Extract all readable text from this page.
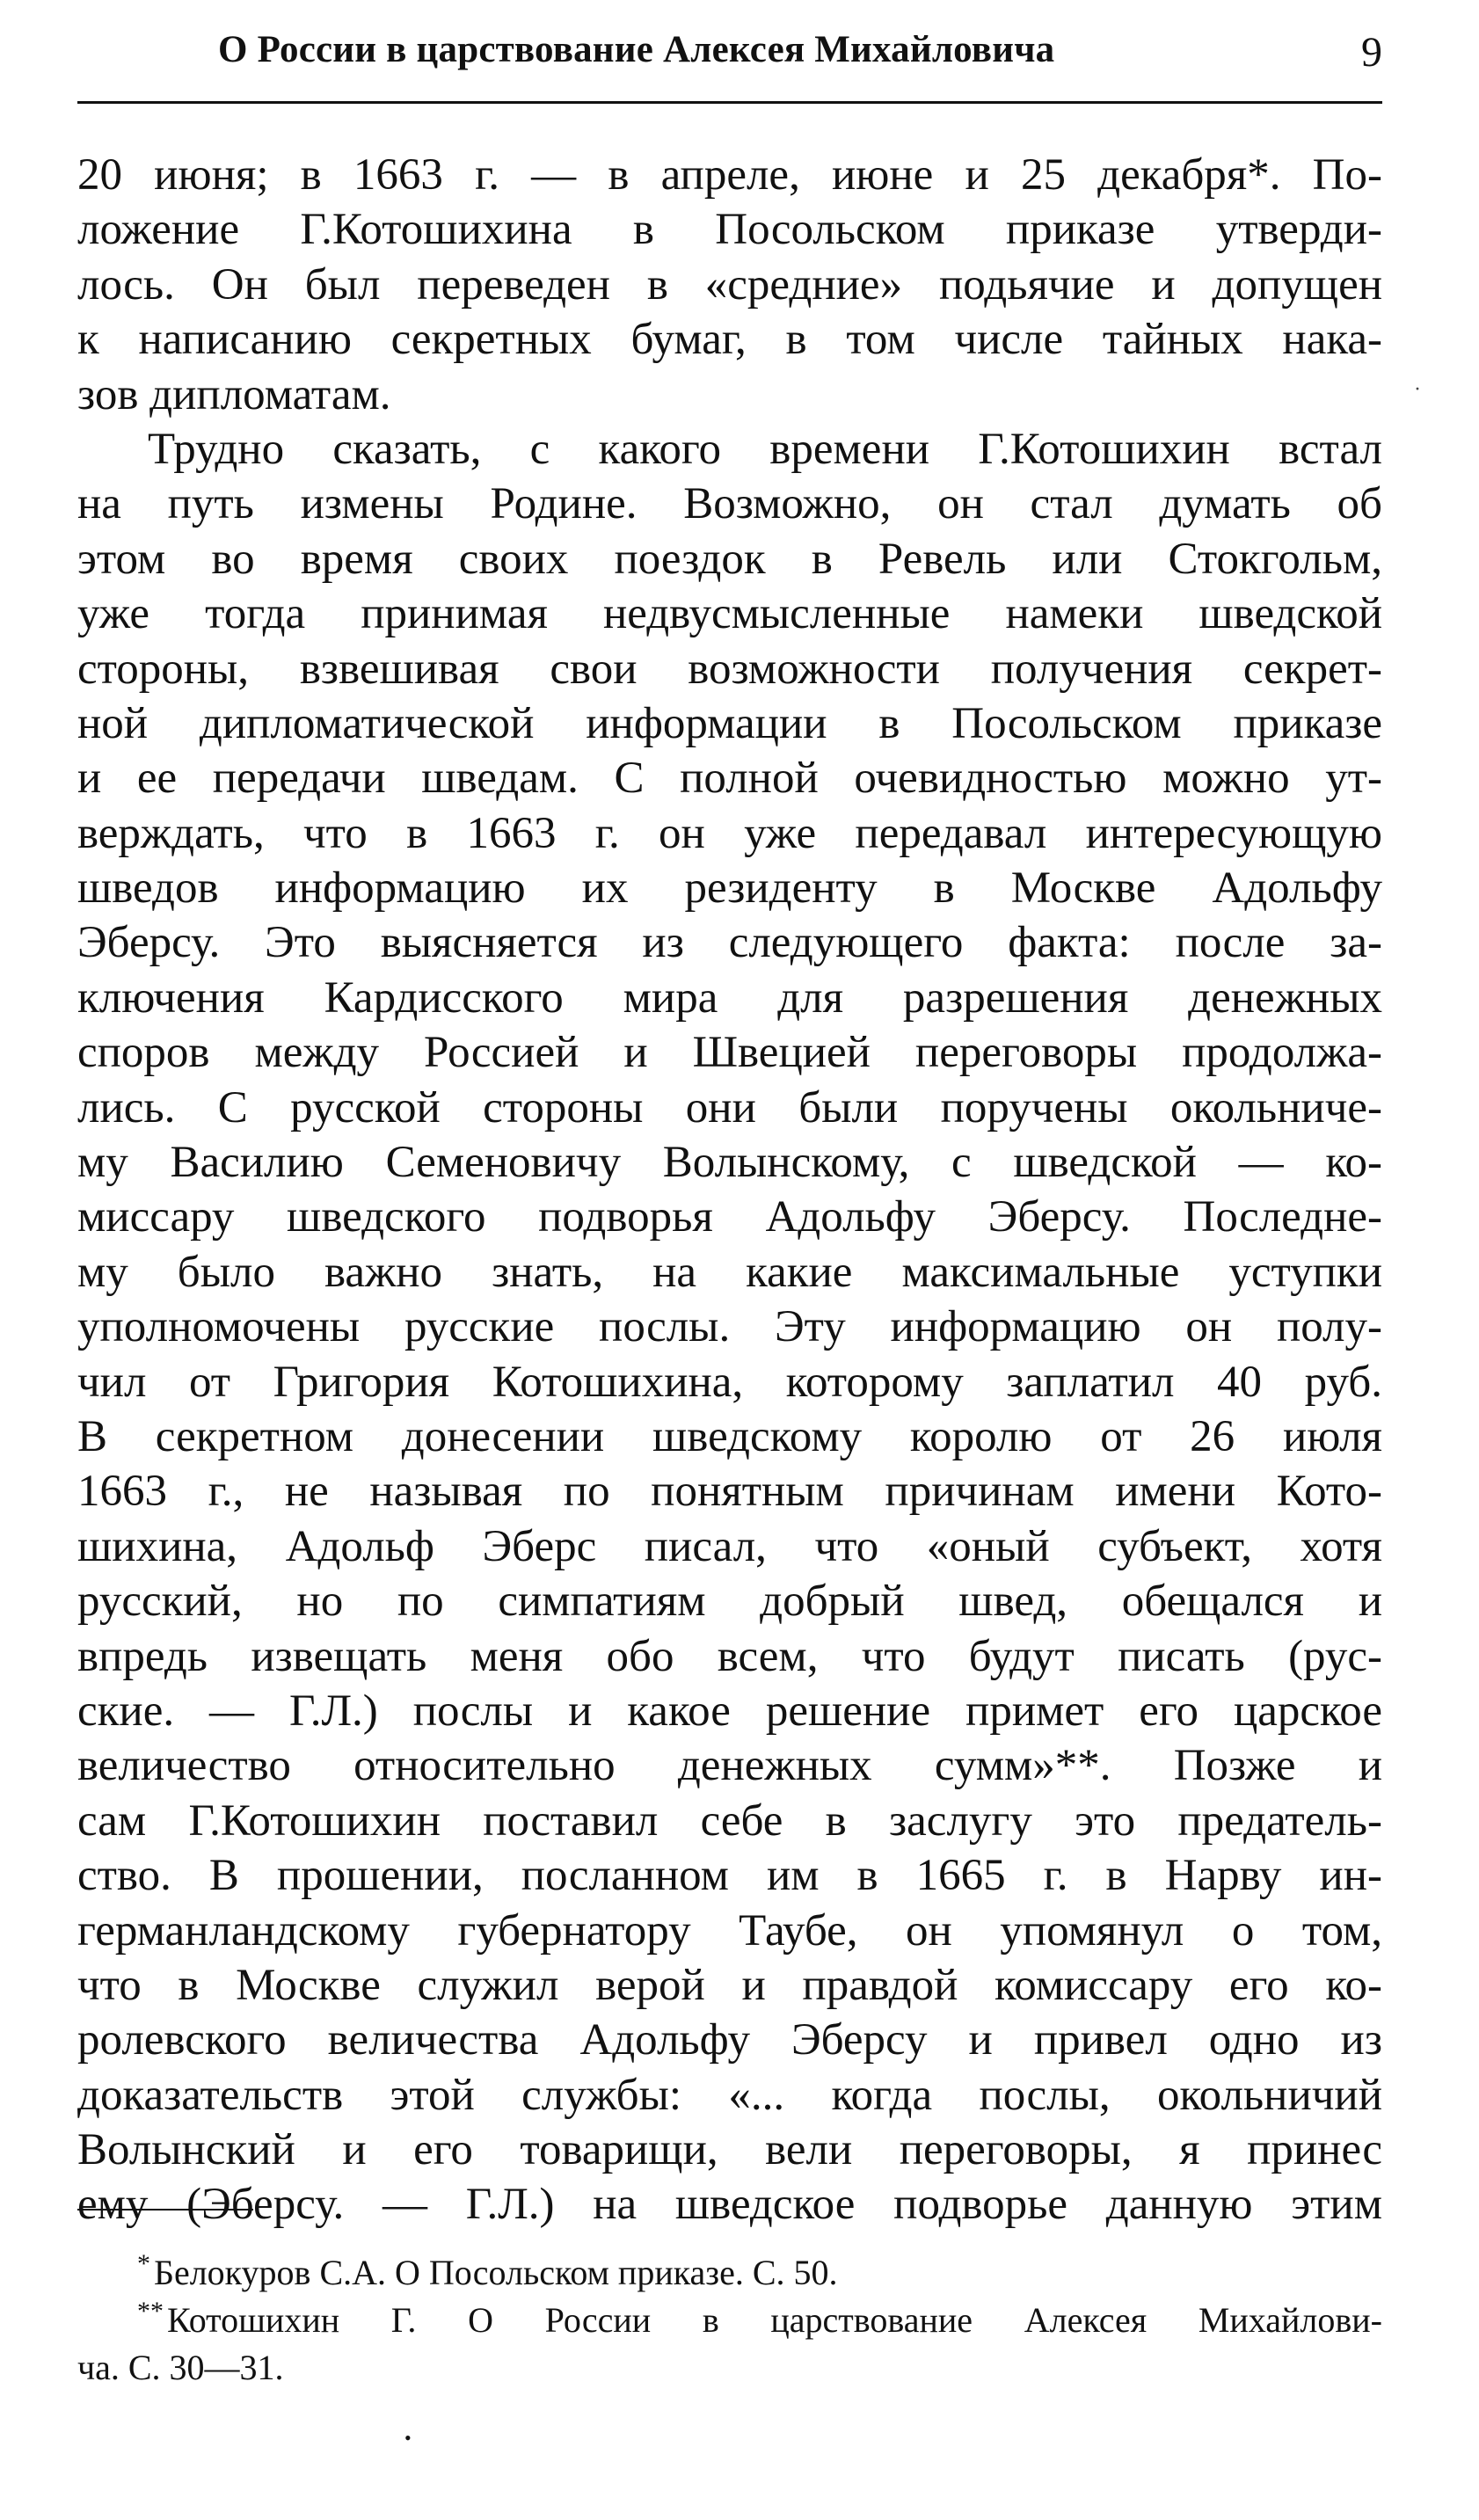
О России в царствование Алексея Михайловича	9
20 июня; в 1663 г. — в апреле, июне и 25 декабря*. По-
ложение Г.Котошихина в Посольском приказе утверди-
лось. Он был переведен в «средние» подьячие и допущен
к написанию секретных бумаг, в том числе тайных нака-
зов дипломатам.
Трудно сказать, с какого времени Г.Котошихин встал
на путь измены Родине. Возможно, он стал думать об
этом во время своих поездок в Ревель или Стокгольм,
уже тогда принимая недвусмысленные намеки шведской
стороны, взвешивая свои возможности получения секрет-
ной дипломатической информации в Посольском приказе
и ее передачи шведам. С полной очевидностью можно ут-
верждать, что в 1663 г. он уже передавал интересующую
шведов информацию их резиденту в Москве Адольфу
Эберсу. Это выясняется из следующего факта: после за-
ключения Кардисского мира для разрешения денежных
споров между Россией и Швецией переговоры продолжа-
лись. С русской стороны они были поручены окольниче-
му Василию Семеновичу Волынскому, с шведской — ко-
миссару шведского подворья Адольфу Эберсу. Последне-
му было важно знать, на какие максимальные уступки
уполномочены русские послы. Эту информацию он полу-
чил от Григория Котошихина, которому заплатил 40 руб.
В секретном донесении шведскому королю от 26 июля
1663 г., не называя по понятным причинам имени Кото-
шихина, Адольф Эберс писал, что «оный субъект, хотя
русский, но по симпатиям добрый швед, обещался и
впредь извещать меня обо всем, что будут писать (рус-
ские. — Г.Л.) послы и какое решение примет его царское
величество относительно денежных сумм»**. Позже и
сам Г.Котошихин поставил себе в заслугу это предатель-
ство. В прошении, посланном им в 1665 г. в Нарву ин-
германландскому губернатору Таубе, он упомянул о том,
что в Москве служил верой и правдой комиссару его ко-
ролевского величества Адольфу Эберсу и привел одно из
доказательств этой службы: «... когда послы, окольничий
Волынский и его товарищи, вели переговоры, я принес
ему (Эберсу. — Г.Л.) на шведское подворье данную этим
* Белокуров С.А. О Посольском приказе. С. 50.
** Котошихин Г. О России в царствование Алексея Михайлови-
ча. С. 30—31.
•
·
